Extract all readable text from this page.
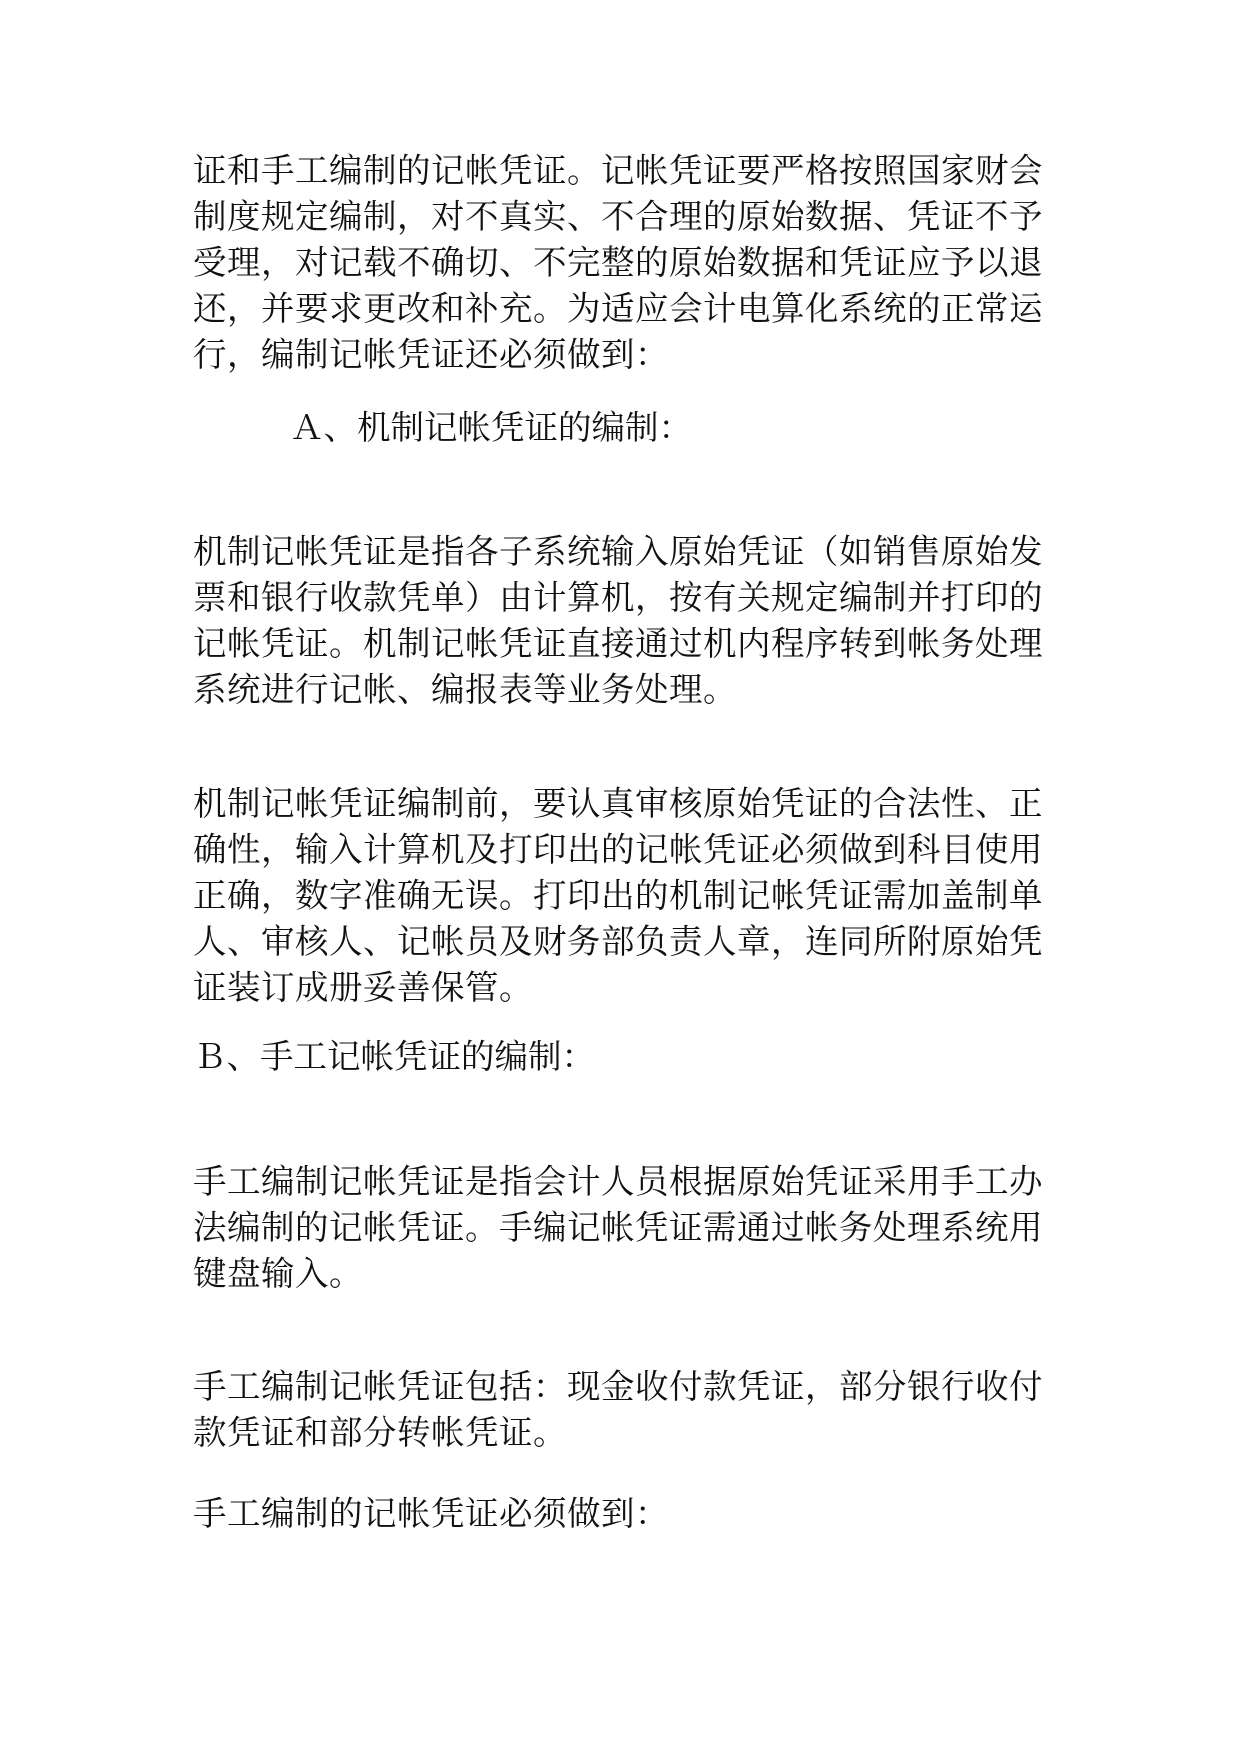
证和手工编制的记帐凭证。记帐凭证要严格按照国家财会
制度规定编制，对不真实、不合理的原始数据、凭证不予
受理，对记载不确切、不完整的原始数据和凭证应予以退
还，并要求更改和补充。为适应会计电算化系统的正常运
行，编制记帐凭证还必须做到：

Ａ、机制记帐凭证的编制：

机制记帐凭证是指各子系统输入原始凭证（如销售原始发
票和银行收款凭单）由计算机，按有关规定编制并打印的
记帐凭证。机制记帐凭证直接通过机内程序转到帐务处理
系统进行记帐、编报表等业务处理。

机制记帐凭证编制前，要认真审核原始凭证的合法性、正
确性，输入计算机及打印出的记帐凭证必须做到科目使用
正确，数字准确无误。打印出的机制记帐凭证需加盖制单
人、审核人、记帐员及财务部负责人章，连同所附原始凭
证装订成册妥善保管。

Ｂ、手工记帐凭证的编制：

手工编制记帐凭证是指会计人员根据原始凭证采用手工办
法编制的记帐凭证。手编记帐凭证需通过帐务处理系统用
键盘输入。

手工编制记帐凭证包括：现金收付款凭证，部分银行收付
款凭证和部分转帐凭证。

手工编制的记帐凭证必须做到：
